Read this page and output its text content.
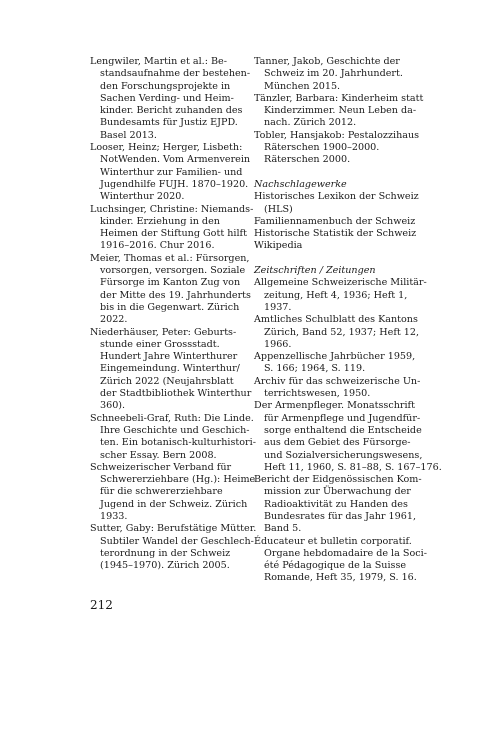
Lengwiler, Martin et al.: Be-
standsaufnahme der bestehen-
den Forschungsprojekte in
Sachen Verding- und Heim-
kinder. Bericht zuhanden des
Bundesamts für Justiz EJPD.
Basel 2013.

Looser, Heinz; Herger, Lisbeth:
NotWenden. Vom Armenverein
Winterthur zur Familien- und
Jugendhilfe FUJH. 1870–1920.
Winterthur 2020.

Luchsinger, Christine: Niemands-
kinder. Erziehung in den
Heimen der Stiftung Gott hilft
1916–2016. Chur 2016.

Meier, Thomas et al.: Fürsorgen,
vorsorgen, versorgen. Soziale
Fürsorge im Kanton Zug von
der Mitte des 19. Jahrhunderts
bis in die Gegenwart. Zürich
2022.

Niederhäuser, Peter: Geburts-
stunde einer Grossstadt.
Hundert Jahre Winterthurer
Eingemeindung. Winterthur/
Zürich 2022 (Neujahrsblatt
der Stadtbibliothek Winterthur
360).

Schneebeli-Graf, Ruth: Die Linde.
Ihre Geschichte und Geschich-
ten. Ein botanisch-kulturhistori-
scher Essay. Bern 2008.

Schweizerischer Verband für
Schwererziehbare (Hg.): Heime
für die schwererziehbare
Jugend in der Schweiz. Zürich
1933.

Sutter, Gaby: Berufstätige Mütter.
Subtiler Wandel der Geschlech-
terordnung in der Schweiz
(1945–1970). Zürich 2005.

Tanner, Jakob, Geschichte der
Schweiz im 20. Jahrhundert.
München 2015.

Tänzler, Barbara: Kinderheim statt
Kinderzimmer. Neun Leben da-
nach. Zürich 2012.

Tobler, Hansjakob: Pestalozzihaus
Räterschen 1900–2000.
Räterschen 2000.

Nachschlagewerke

Historisches Lexikon der Schweiz
(HLS)

Familiennamenbuch der Schweiz

Historische Statistik der Schweiz

Wikipedia

Zeitschriften / Zeitungen

Allgemeine Schweizerische Militär-
zeitung, Heft 4, 1936; Heft 1,
1937.

Amtliches Schulblatt des Kantons
Zürich, Band 52, 1937; Heft 12,
1966.

Appenzellische Jahrbücher 1959,
S. 166; 1964, S. 119.

Archiv für das schweizerische Un-
terrichtswesen, 1950.

Der Armenpfleger. Monatsschrift
für Armenpflege und Jugendfür-
sorge enthaltend die Entscheide
aus dem Gebiet des Fürsorge-
und Sozialversicherungswesens,
Heft 11, 1960, S. 81–88, S. 167–176.

Bericht der Eidgenössischen Kom-
mission zur Überwachung der
Radioaktivität zu Handen des
Bundesrates für das Jahr 1961,
Band 5.

Éducateur et bulletin corporatif.
Organe hebdomadaire de la Soci-
été Pédagogique de la Suisse
Romande, Heft 35, 1979, S. 16.

212
